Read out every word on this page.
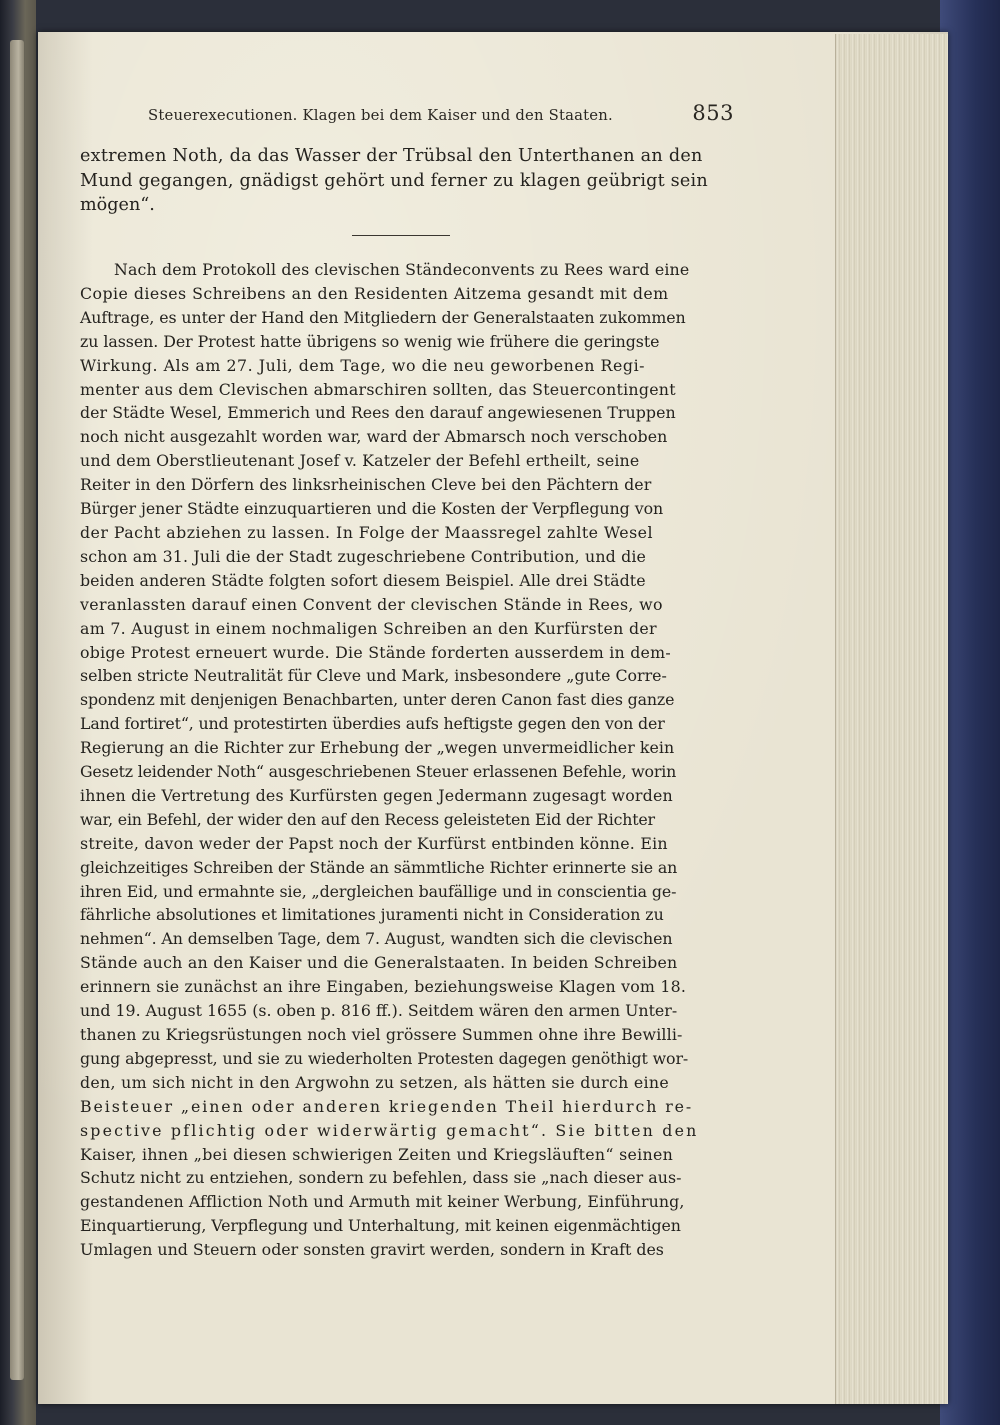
Steuerexecutionen. Klagen bei dem Kaiser und den Staaten.	853
extremen Noth, da das Wasser der Trübsal den Unterthanen an den
Mund gegangen, gnädigst gehört und ferner zu klagen geübrigt sein
mögen“.
Nach dem Protokoll des clevischen Ständeconvents zu Rees ward eine
Copie dieses Schreibens an den Residenten Aitzema gesandt mit dem
Auftrage, es unter der Hand den Mitgliedern der Generalstaaten zukommen
zu lassen. Der Protest hatte übrigens so wenig wie frühere die geringste
Wirkung. Als am 27. Juli, dem Tage, wo die neu geworbenen Regi-
menter aus dem Clevischen abmarschiren sollten, das Steuercontingent
der Städte Wesel, Emmerich und Rees den darauf angewiesenen Truppen
noch nicht ausgezahlt worden war, ward der Abmarsch noch verschoben
und dem Oberstlieutenant Josef v. Katzeler der Befehl ertheilt, seine
Reiter in den Dörfern des linksrheinischen Cleve bei den Pächtern der
Bürger jener Städte einzuquartieren und die Kosten der Verpflegung von
der Pacht abziehen zu lassen. In Folge der Maassregel zahlte Wesel
schon am 31. Juli die der Stadt zugeschriebene Contribution, und die
beiden anderen Städte folgten sofort diesem Beispiel. Alle drei Städte
veranlassten darauf einen Convent der clevischen Stände in Rees, wo
am 7. August in einem nochmaligen Schreiben an den Kurfürsten der
obige Protest erneuert wurde. Die Stände forderten ausserdem in dem-
selben stricte Neutralität für Cleve und Mark, insbesondere „gute Corre-
spondenz mit denjenigen Benachbarten, unter deren Canon fast dies ganze
Land fortiret“, und protestirten überdies aufs heftigste gegen den von der
Regierung an die Richter zur Erhebung der „wegen unvermeidlicher kein
Gesetz leidender Noth“ ausgeschriebenen Steuer erlassenen Befehle, worin
ihnen die Vertretung des Kurfürsten gegen Jedermann zugesagt worden
war, ein Befehl, der wider den auf den Recess geleisteten Eid der Richter
streite, davon weder der Papst noch der Kurfürst entbinden könne. Ein
gleichzeitiges Schreiben der Stände an sämmtliche Richter erinnerte sie an
ihren Eid, und ermahnte sie, „dergleichen baufällige und in conscientia ge-
fährliche absolutiones et limitationes juramenti nicht in Consideration zu
nehmen“. An demselben Tage, dem 7. August, wandten sich die clevischen
Stände auch an den Kaiser und die Generalstaaten. In beiden Schreiben
erinnern sie zunächst an ihre Eingaben, beziehungsweise Klagen vom 18.
und 19. August 1655 (s. oben p. 816 ff.). Seitdem wären den armen Unter-
thanen zu Kriegsrüstungen noch viel grössere Summen ohne ihre Bewilli-
gung abgepresst, und sie zu wiederholten Protesten dagegen genöthigt wor-
den, um sich nicht in den Argwohn zu setzen, als hätten sie durch eine
Beisteuer „einen oder anderen kriegenden Theil hierdurch re-
spective pflichtig oder widerwärtig gemacht“. Sie bitten den
Kaiser, ihnen „bei diesen schwierigen Zeiten und Kriegsläuften“ seinen
Schutz nicht zu entziehen, sondern zu befehlen, dass sie „nach dieser aus-
gestandenen Affliction Noth und Armuth mit keiner Werbung, Einführung,
Einquartierung, Verpflegung und Unterhaltung, mit keinen eigenmächtigen
Umlagen und Steuern oder sonsten gravirt werden, sondern in Kraft des
